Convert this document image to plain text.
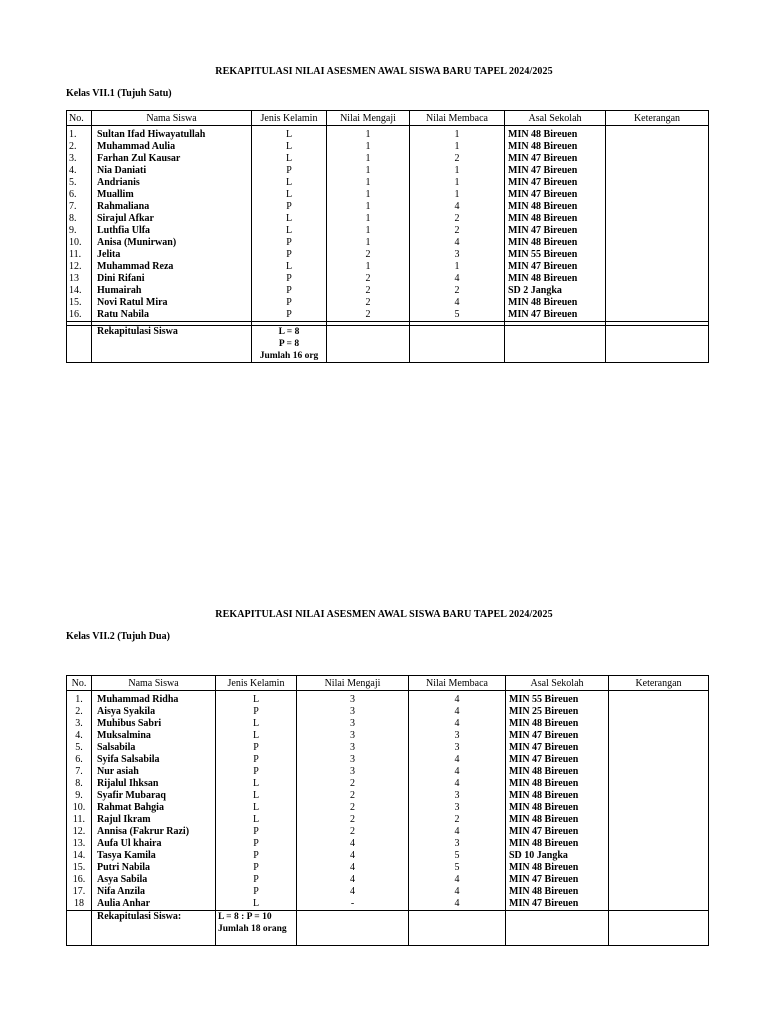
REKAPITULASI NILAI ASESMEN AWAL SISWA BARU TAPEL 2024/2025
Kelas VII.1 (Tujuh Satu)
No.	Nama Siswa	Jenis Kelamin	Nilai Mengaji	Nilai Membaca	Asal Sekolah	Keterangan
1.	Sultan Ifad Hiwayatullah	L	1	1	MIN 48 Bireuen	
2.	Muhammad Aulia	L	1	1	MIN 48 Bireuen	
3.	Farhan Zul Kausar	L	1	2	MIN 47 Bireuen	
4.	Nia Daniati	P	1	1	MIN 47 Bireuen	
5.	Andrianis	L	1	1	MIN 47 Bireuen	
6.	Muallim	L	1	1	MIN 47 Bireuen	
7.	Rahmaliana	P	1	4	MIN 48 Bireuen	
8.	Sirajul Afkar	L	1	2	MIN 48 Bireuen	
9.	Luthfia Ulfa	L	1	2	MIN 47 Bireuen	
10.	Anisa (Munirwan)	P	1	4	MIN 48 Bireuen	
11.	Jelita	P	2	3	MIN 55 Bireuen	
12.	Muhammad Reza	L	1	1	MIN 47 Bireuen	
13	Dini Rifani	P	2	4	MIN 48 Bireuen	
14.	Humairah	P	2	2	SD 2 Jangka	
15.	Novi Ratul Mira	P	2	4	MIN 48 Bireuen	
16.	Ratu Nabila	P	2	5	MIN 47 Bireuen	

	Rekapitulasi Siswa	L = 8
P = 8
Jumlah 16 org				

REKAPITULASI NILAI ASESMEN AWAL SISWA BARU TAPEL 2024/2025
Kelas VII.2 (Tujuh Dua)
No.	Nama Siswa	Jenis Kelamin	Nilai Mengaji	Nilai Membaca	Asal Sekolah	Keterangan
1.	Muhammad Ridha	L	3	4	MIN 55 Bireuen	
2.	Aisya Syakila	P	3	4	MIN 25 Bireuen	
3.	Muhibus Sabri	L	3	4	MIN 48 Bireuen	
4.	Muksalmina	L	3	3	MIN 47 Bireuen	
5.	Salsabila	P	3	3	MIN 47 Bireuen	
6.	Syifa Salsabila	P	3	4	MIN 47 Bireuen	
7.	Nur asiah	P	3	4	MIN 48 Bireuen	
8.	Rijalul Ihksan	L	2	4	MIN 48 Bireuen	
9.	Syafir Mubaraq	L	2	3	MIN 48 Bireuen	
10.	Rahmat Bahgia	L	2	3	MIN 48 Bireuen	
11.	Rajul Ikram	L	2	2	MIN 48 Bireuen	
12.	Annisa (Fakrur Razi)	P	2	4	MIN 47 Bireuen	
13.	Aufa Ul khaira	P	4	3	MIN 48 Bireuen	
14.	Tasya Kamila	P	4	5	SD 10 Jangka	
15.	Putri Nabila	P	4	5	MIN 48 Bireuen	
16.	Asya Sabila	P	4	4	MIN 47 Bireuen	
17.	Nifa Anzila	P	4	4	MIN 48 Bireuen	
18	Aulia Anhar	L	-	4	MIN 47 Bireuen	
	Rekapitulasi Siswa:	L = 8 : P = 10
Jumlah 18 orang				
